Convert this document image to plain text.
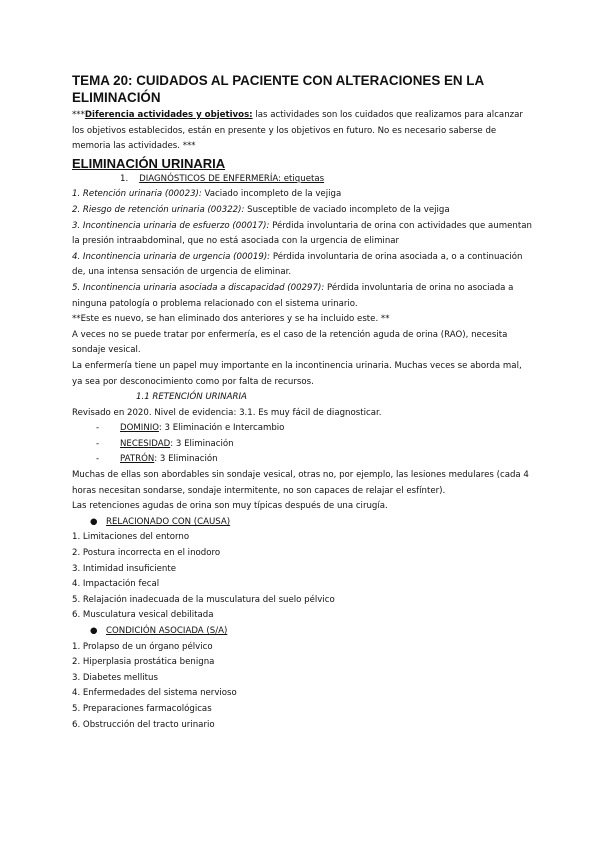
TEMA 20: CUIDADOS AL PACIENTE CON ALTERACIONES EN LA ELIMINACIÓN

***Diferencia actividades y objetivos: las actividades son los cuidados que realizamos para alcanzar los objetivos establecidos, están en presente y los objetivos en futuro. No es necesario saberse de memoria las actividades. ***

ELIMINACIÓN URINARIA

1. DIAGNÓSTICOS DE ENFERMERÍA: etiquetas

1. Retención urinaria (00023): Vaciado incompleto de la vejiga

2. Riesgo de retención urinaria (00322): Susceptible de vaciado incompleto de la vejiga

3. Incontinencia urinaria de esfuerzo (00017): Pérdida involuntaria de orina con actividades que aumentan la presión intraabdominal, que no está asociada con la urgencia de eliminar

4. Incontinencia urinaria de urgencia (00019): Pérdida involuntaria de orina asociada a, o a continuación de, una intensa sensación de urgencia de eliminar.

5. Incontinencia urinaria asociada a discapacidad (00297): Pérdida involuntaria de orina no asociada a ninguna patología o problema relacionado con el sistema urinario.

**Este es nuevo, se han eliminado dos anteriores y se ha incluido este. **

A veces no se puede tratar por enfermería, es el caso de la retención aguda de orina (RAO), necesita sondaje vesical.

La enfermería tiene un papel muy importante en la incontinencia urinaria. Muchas veces se aborda mal, ya sea por desconocimiento como por falta de recursos.

1.1 RETENCIÓN URINARIA

Revisado en 2020. Nivel de evidencia: 3.1. Es muy fácil de diagnosticar.

- DOMINIO: 3 Eliminación e Intercambio

- NECESIDAD: 3 Eliminación

- PATRÓN: 3 Eliminación

Muchas de ellas son abordables sin sondaje vesical, otras no, por ejemplo, las lesiones medulares (cada 4 horas necesitan sondarse, sondaje intermitente, no son capaces de relajar el esfínter).

Las retenciones agudas de orina son muy típicas después de una cirugía.

● RELACIONADO CON (CAUSA)

1. Limitaciones del entorno

2. Postura incorrecta en el inodoro

3. Intimidad insuficiente

4. Impactación fecal

5. Relajación inadecuada de la musculatura del suelo pélvico

6. Musculatura vesical debilitada

● CONDICIÓN ASOCIADA (S/A)

1. Prolapso de un órgano pélvico

2. Hiperplasia prostática benigna

3. Diabetes mellitus

4. Enfermedades del sistema nervioso

5. Preparaciones farmacológicas

6. Obstrucción del tracto urinario
